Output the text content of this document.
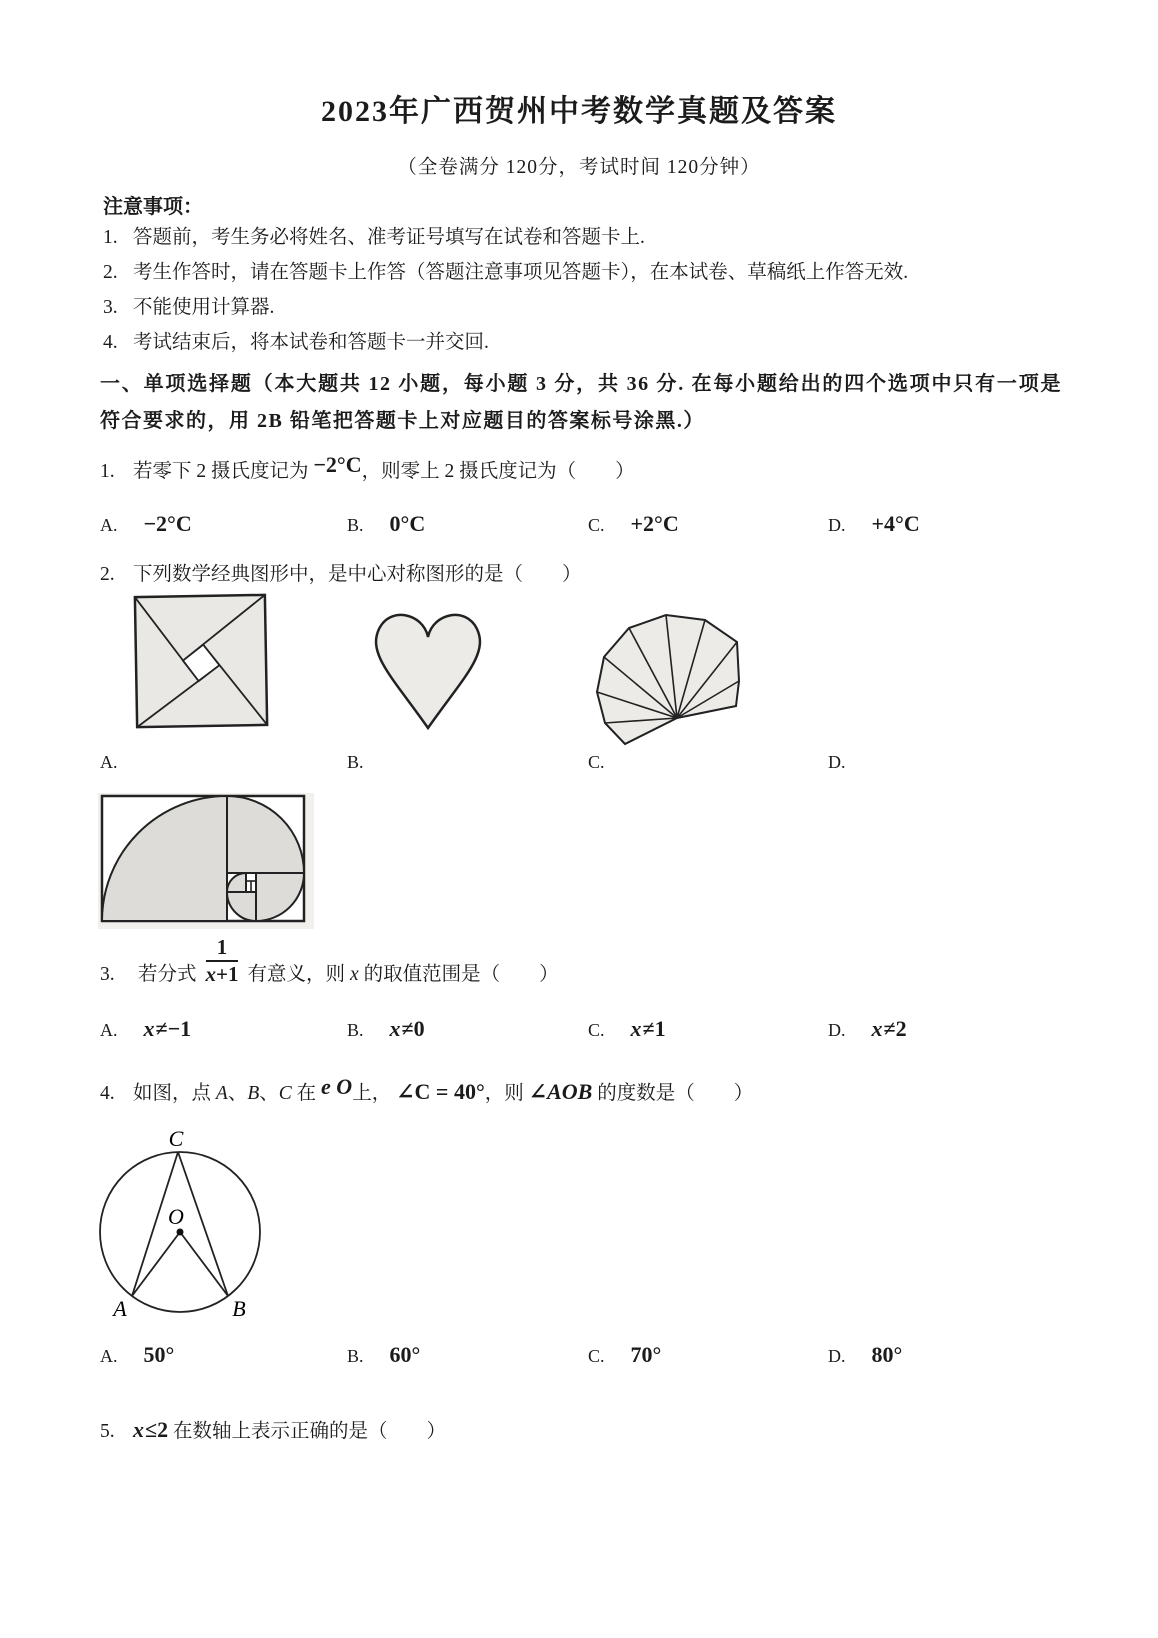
2023年广西贺州中考数学真题及答案
（全卷满分 120分，考试时间 120分钟）
注意事项：
1. 答题前，考生务必将姓名、准考证号填写在试卷和答题卡上.
2. 考生作答时，请在答题卡上作答（答题注意事项见答题卡），在本试卷、草稿纸上作答无效.
3. 不能使用计算器.
4. 考试结束后，将本试卷和答题卡一并交回.
一、单项选择题（本大题共 12 小题，每小题 3 分，共 36 分. 在每小题给出的四个选项中只有一项是符合要求的，用 2B 铅笔把答题卡上对应题目的答案标号涂黑.）
1. 若零下 2 摄氏度记为 −2°C，则零上 2 摄氏度记为（　　）
A. −2°C	B. 0°C	C. +2°C	D. +4°C
2. 下列数学经典图形中，是中心对称图形的是（　　）
A.	B.	C.	D.
3.	若分式 $\frac{1}{x+1}$ 有意义，则 x 的取值范围是（　　）
A. x≠−1	B. x≠0	C. x≠1	D. x≠2
4. 如图，点 A、B、C 在 e O上， ∠C = 40°，则 ∠AOB 的度数是（　　）
C
O
A	B
A. 50°	B. 60°	C. 70°	D. 80°
5. x≤2 在数轴上表示正确的是（　　）
